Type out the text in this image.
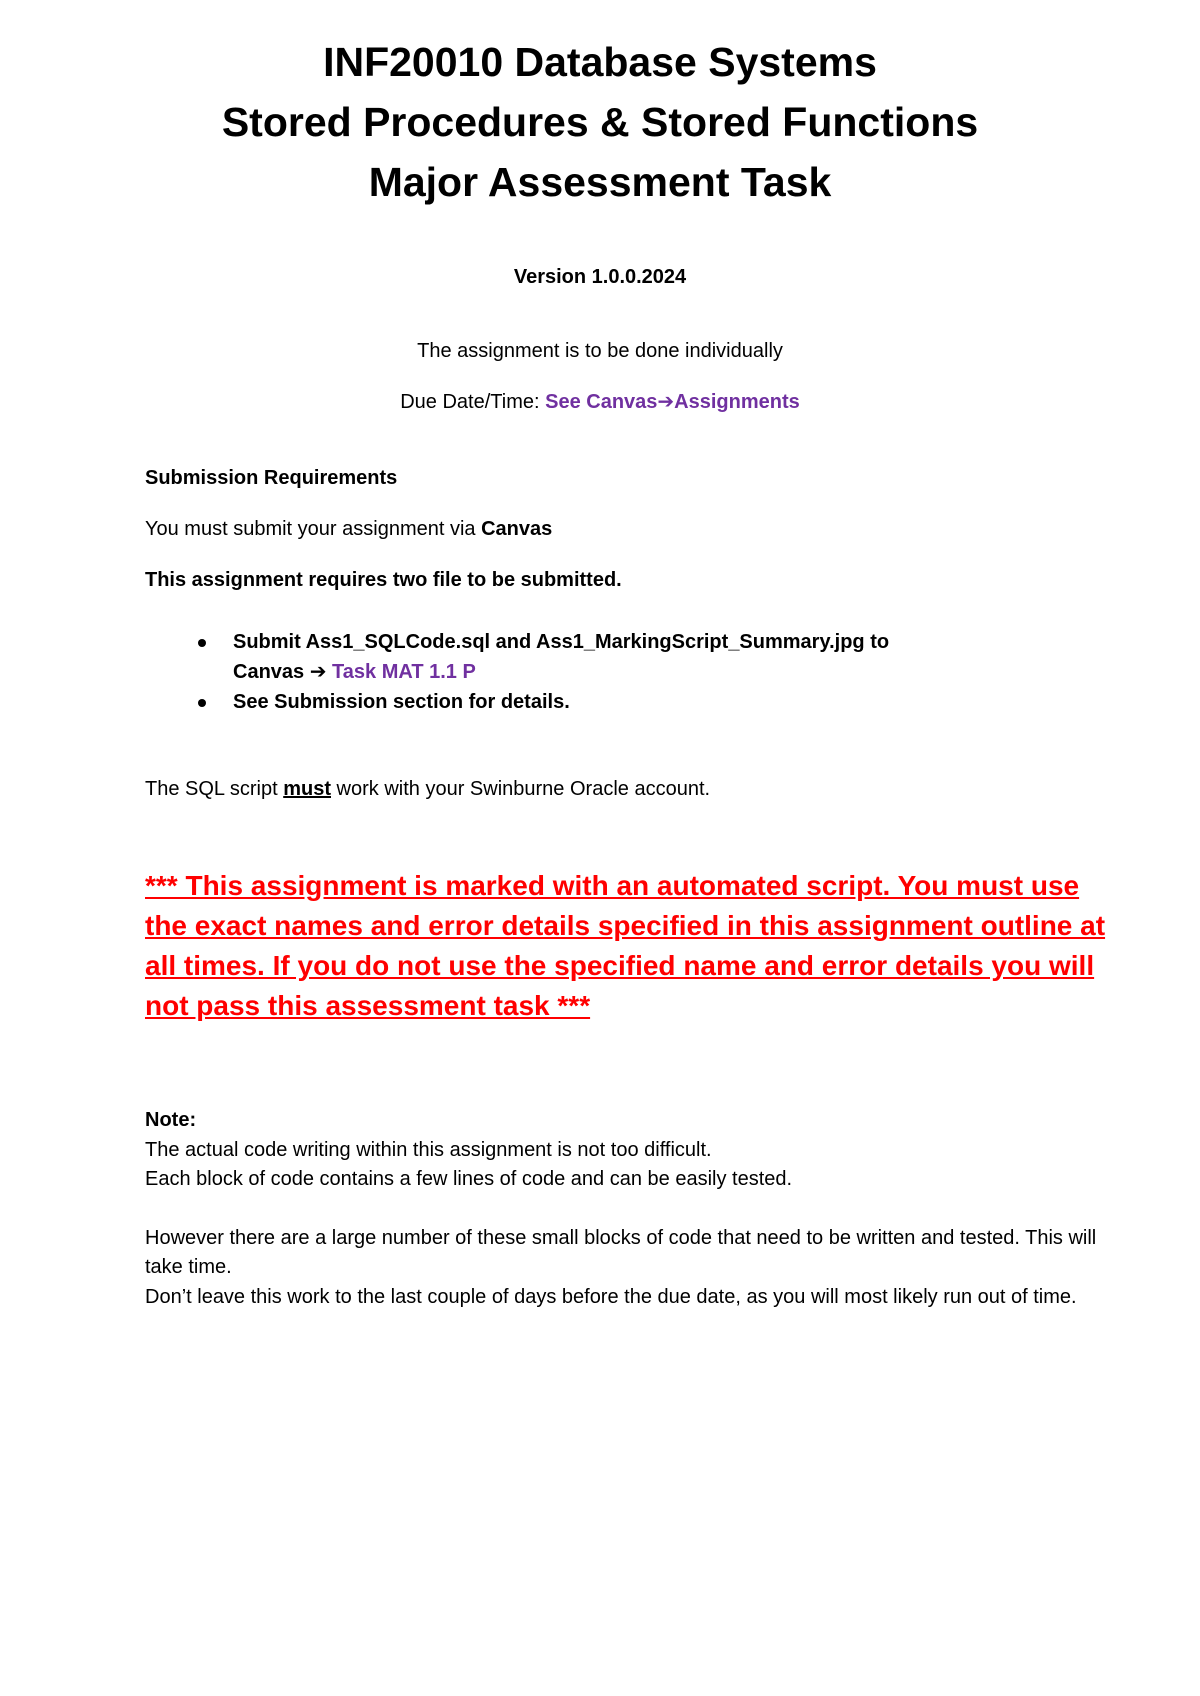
INF20010 Database Systems
Stored Procedures & Stored Functions
Major Assessment Task
Version 1.0.0.2024
The assignment is to be done individually
Due Date/Time: See Canvas➔Assignments
Submission Requirements
You must submit your assignment via Canvas
This assignment requires two file to be submitted.
Submit Ass1_SQLCode.sql and Ass1_MarkingScript_Summary.jpg to
Canvas ➔ Task MAT 1.1 P
See Submission section for details.
The SQL script must work with your Swinburne Oracle account.

*** This assignment is marked with an automated script. You must use the exact names and error details specified in this assignment outline at all times. If you do not use the specified name and error details you will not pass this assessment task ***

Note:

The actual code writing within this assignment is not too difficult.

Each block of code contains a few lines of code and can be easily tested.

However there are a large number of these small blocks of code that need to be written and tested. This will take time.

Don’t leave this work to the last couple of days before the due date, as you will most likely run out of time.
